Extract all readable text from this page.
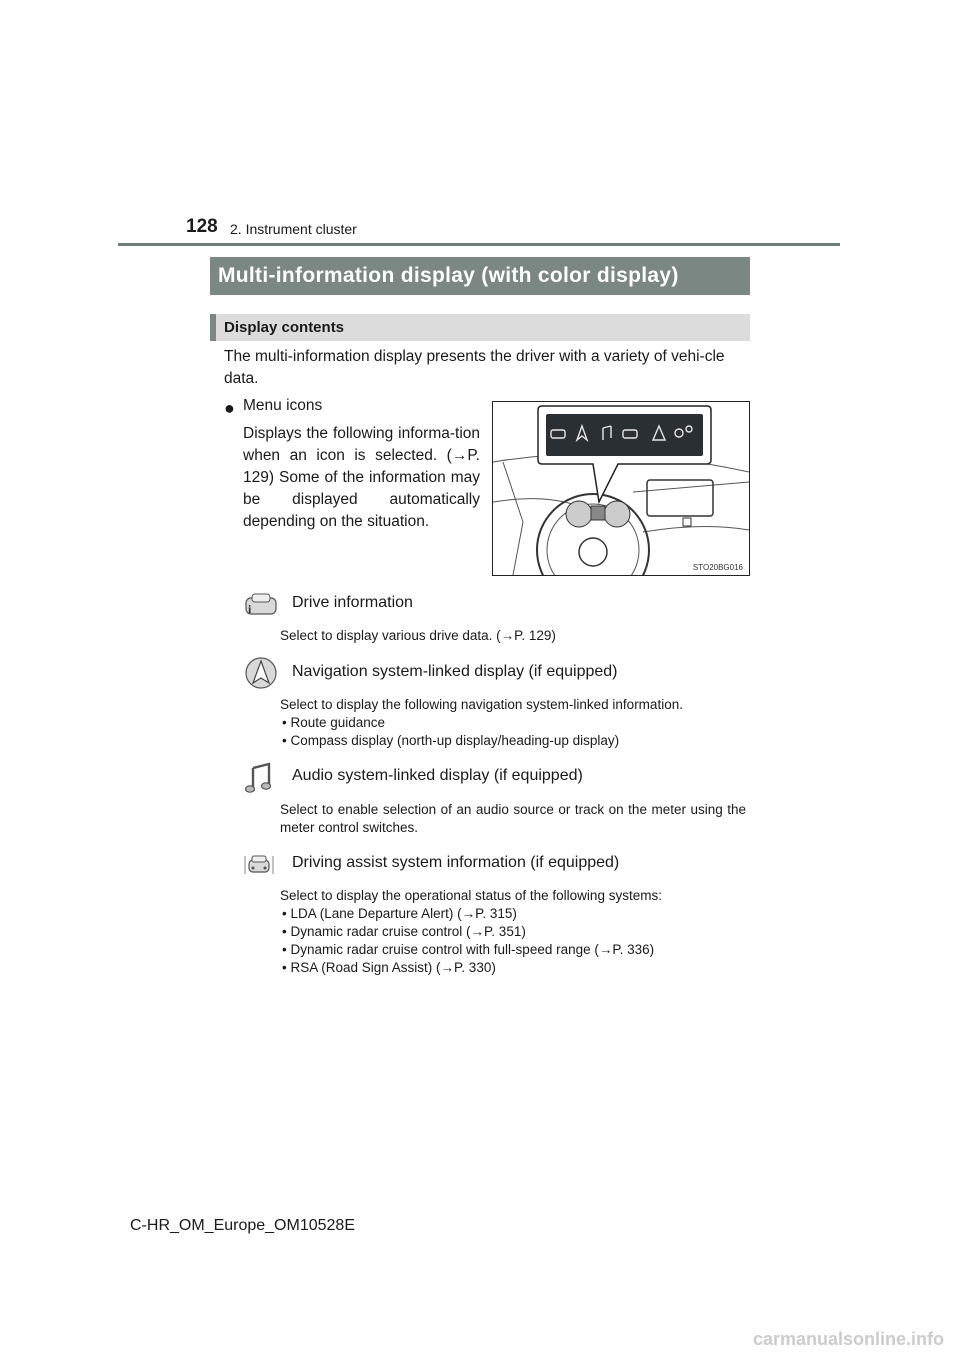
128 2. Instrument cluster
Multi-information display (with color display)
Display contents
The multi-information display presents the driver with a variety of vehi-cle data.
● Menu icons
Displays the following informa-tion when an icon is selected. (→P. 129) Some of the information may be displayed automatically depending on the situation.
STO20BG016
i	Drive information
Select to display various drive data. (→P. 129)
Navigation system-linked display (if equipped)
Select to display the following navigation system-linked information.
• Route guidance
• Compass display (north-up display/heading-up display)
Audio system-linked display (if equipped)
Select to enable selection of an audio source or track on the meter using the meter control switches.
Driving assist system information (if equipped)
Select to display the operational status of the following systems:
• LDA (Lane Departure Alert) (→P. 315)
• Dynamic radar cruise control (→P. 351)
• Dynamic radar cruise control with full-speed range (→P. 336)
• RSA (Road Sign Assist) (→P. 330)
C-HR_OM_Europe_OM10528E
carmanualsonline.info
